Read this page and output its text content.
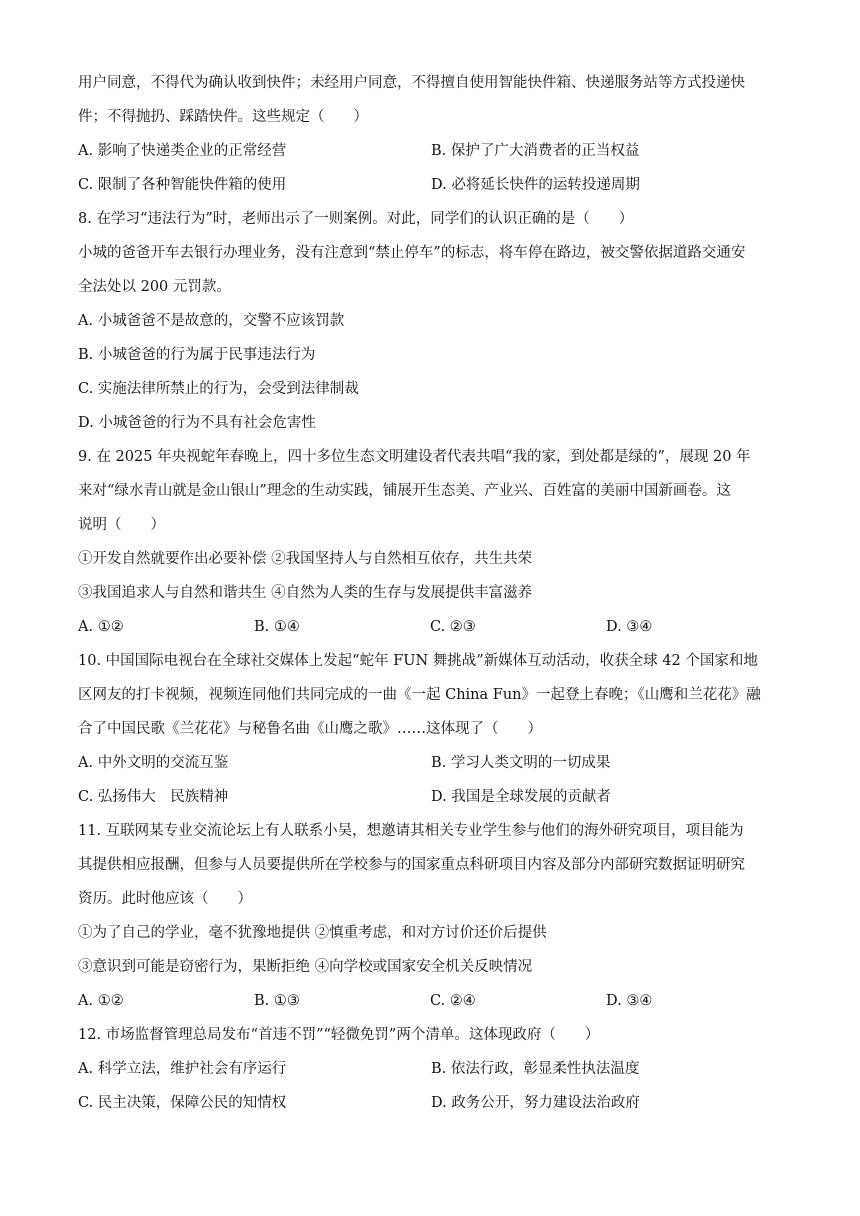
用户同意，不得代为确认收到快件；未经用户同意，不得擅自使用智能快件箱、快递服务站等方式投递快
件；不得抛扔、踩踏快件。这些规定（　　）
A. 影响了快递类企业的正常经营	B. 保护了广大消费者的正当权益
C. 限制了各种智能快件箱的使用	D. 必将延长快件的运转投递周期
8. 在学习“违法行为”时，老师出示了一则案例。对此，同学们的认识正确的是（　　）
小城的爸爸开车去银行办理业务，没有注意到“禁止停车”的标志，将车停在路边，被交警依据道路交通安
全法处以 200 元罚款。
A. 小城爸爸不是故意的，交警不应该罚款
B. 小城爸爸的行为属于民事违法行为
C. 实施法律所禁止的行为，会受到法律制裁
D. 小城爸爸的行为不具有社会危害性
9. 在 2025 年央视蛇年春晚上，四十多位生态文明建设者代表共唱“我的家，到处都是绿的”，展现 20 年
来对“绿水青山就是金山银山”理念的生动实践，铺展开生态美、产业兴、百姓富的美丽中国新画卷。这
说明（　　）
①开发自然就要作出必要补偿 ②我国坚持人与自然相互依存，共生共荣
③我国追求人与自然和谐共生 ④自然为人类的生存与发展提供丰富滋养
A. ①②	B. ①④	C. ②③	D. ③④
10. 中国国际电视台在全球社交媒体上发起“蛇年 FUN 舞挑战”新媒体互动活动，收获全球 42 个国家和地
区网友的打卡视频，视频连同他们共同完成的一曲《一起 China Fun》一起登上春晚；《山鹰和兰花花》融
合了中国民歌《兰花花》与秘鲁名曲《山鹰之歌》……这体现了（　　）
A. 中外文明的交流互鉴	B. 学习人类文明的一切成果
C. 弘扬伟大　民族精神	D. 我国是全球发展的贡献者
11. 互联网某专业交流论坛上有人联系小吴，想邀请其相关专业学生参与他们的海外研究项目，项目能为
其提供相应报酬，但参与人员要提供所在学校参与的国家重点科研项目内容及部分内部研究数据证明研究
资历。此时他应该（　　）
①为了自己的学业，毫不犹豫地提供 ②慎重考虑，和对方讨价还价后提供
③意识到可能是窃密行为，果断拒绝 ④向学校或国家安全机关反映情况
A. ①②	B. ①③	C. ②④	D. ③④
12. 市场监督管理总局发布“首违不罚”“轻微免罚”两个清单。这体现政府（　　）
A. 科学立法，维护社会有序运行	B. 依法行政，彰显柔性执法温度
C. 民主决策，保障公民的知情权	D. 政务公开，努力建设法治政府
